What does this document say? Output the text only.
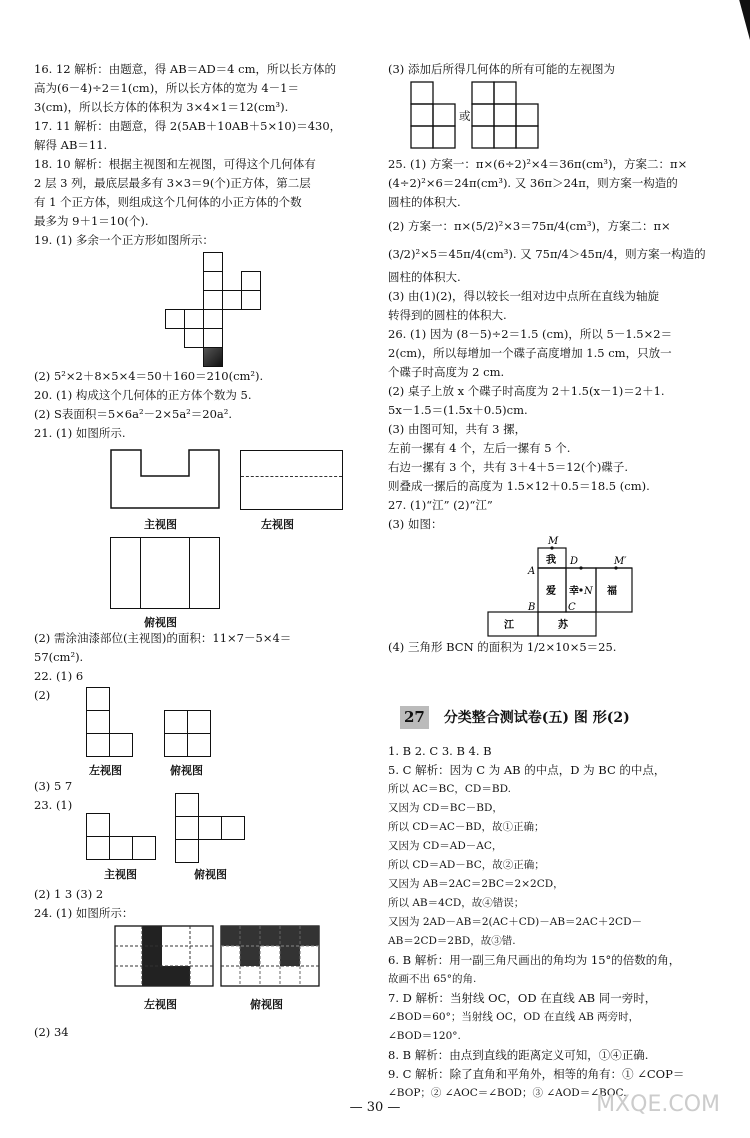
16. 12 解析：由题意，得 AB＝AD＝4 cm，所以长方体的

高为(6－4)÷2＝1(cm)，所以长方体的宽为 4－1＝

3(cm)，所以长方体的体积为 3×4×1＝12(cm³).

17. 11 解析：由题意，得 2(5AB＋10AB＋5×10)＝430，

解得 AB＝11.

18. 10 解析：根据主视图和左视图，可得这个几何体有

2 层 3 列，最底层最多有 3×3＝9(个)正方体，第二层

有 1 个正方体，则组成这个几何体的小正方体的个数

最多为 9＋1＝10(个).

19. (1) 多余一个正方形如图所示：

(2) 5²×2＋8×5×4＝50＋160＝210(cm²).

20. (1) 构成这个几何体的正方体个数为 5.

(2) S表面积＝5×6a²－2×5a²＝20a².

21. (1) 如图所示.

主视图	左视图
俯视图

(2) 需涂油漆部位(主视图)的面积：11×7－5×4＝

57(cm²).

22. (1) 6

(2)

左视图	俯视图

(3) 5 7

23. (1)

主视图	俯视图

(2) 1 3 (3) 2

24. (1) 如图所示：

左视图	俯视图

(2) 34

(3) 添加后所得几何体的所有可能的左视图为

或

25. (1) 方案一：π×(6÷2)²×4＝36π(cm³)，方案二：π×

(4÷2)²×6＝24π(cm³). 又 36π＞24π，则方案一构造的

圆柱的体积大.

(2) 方案一：π×(5/2)²×3＝75π/4(cm³)，方案二：π×

(3/2)²×5＝45π/4(cm³). 又 75π/4＞45π/4，则方案一构造的

圆柱的体积大.

(3) 由(1)(2)，得以较长一组对边中点所在直线为轴旋

转得到的圆柱的体积大.

26. (1) 因为 (8－5)÷2＝1.5 (cm)，所以 5－1.5×2＝

2(cm)，所以每增加一个碟子高度增加 1.5 cm，只放一

个碟子时高度为 2 cm.

(2) 桌子上放 x 个碟子时高度为 2＋1.5(x－1)＝2＋1.

5x－1.5＝(1.5x＋0.5)cm.

(3) 由图可知，共有 3 摞，

左前一摞有 4 个，左后一摞有 5 个.

右边一摞有 3 个，共有 3＋4＋5＝12(个)碟子.

则叠成一摞后的高度为 1.5×12＋0.5＝18.5 (cm).

27. (1)“江” (2)“江”

(3) 如图：

我
爱 幸	福
江	苏
M
A
D	M′
B	C
N

(4) 三角形 BCN 的面积为 1/2×10×5＝25.

27 分类整合测试卷(五) 图 形(2)

1. B 2. C 3. B 4. B

5. C 解析：因为 C 为 AB 的中点，D 为 BC 的中点，

所以 AC＝BC，CD＝BD.

又因为 CD＝BC－BD，

所以 CD＝AC－BD，故①正确；

又因为 CD＝AD－AC，

所以 CD＝AD－BC，故②正确；

又因为 AB＝2AC＝2BC＝2×2CD，

所以 AB＝4CD，故④错误；

又因为 2AD－AB＝2(AC＋CD)－AB＝2AC＋2CD－

AB＝2CD＝2BD，故③错.

6. B 解析：用一副三角尺画出的角均为 15°的倍数的角，

故画不出 65°的角.

7. D 解析：当射线 OC，OD 在直线 AB 同一旁时，

∠BOD＝60°；当射线 OC，OD 在直线 AB 两旁时，

∠BOD＝120°.

8. B 解析：由点到直线的距离定义可知，①④正确.

9. C 解析：除了直角和平角外，相等的角有：① ∠COP＝

∠BOP；② ∠AOC＝∠BOD；③ ∠AOD＝∠BOC.

— 30 —	MXQE.COM
